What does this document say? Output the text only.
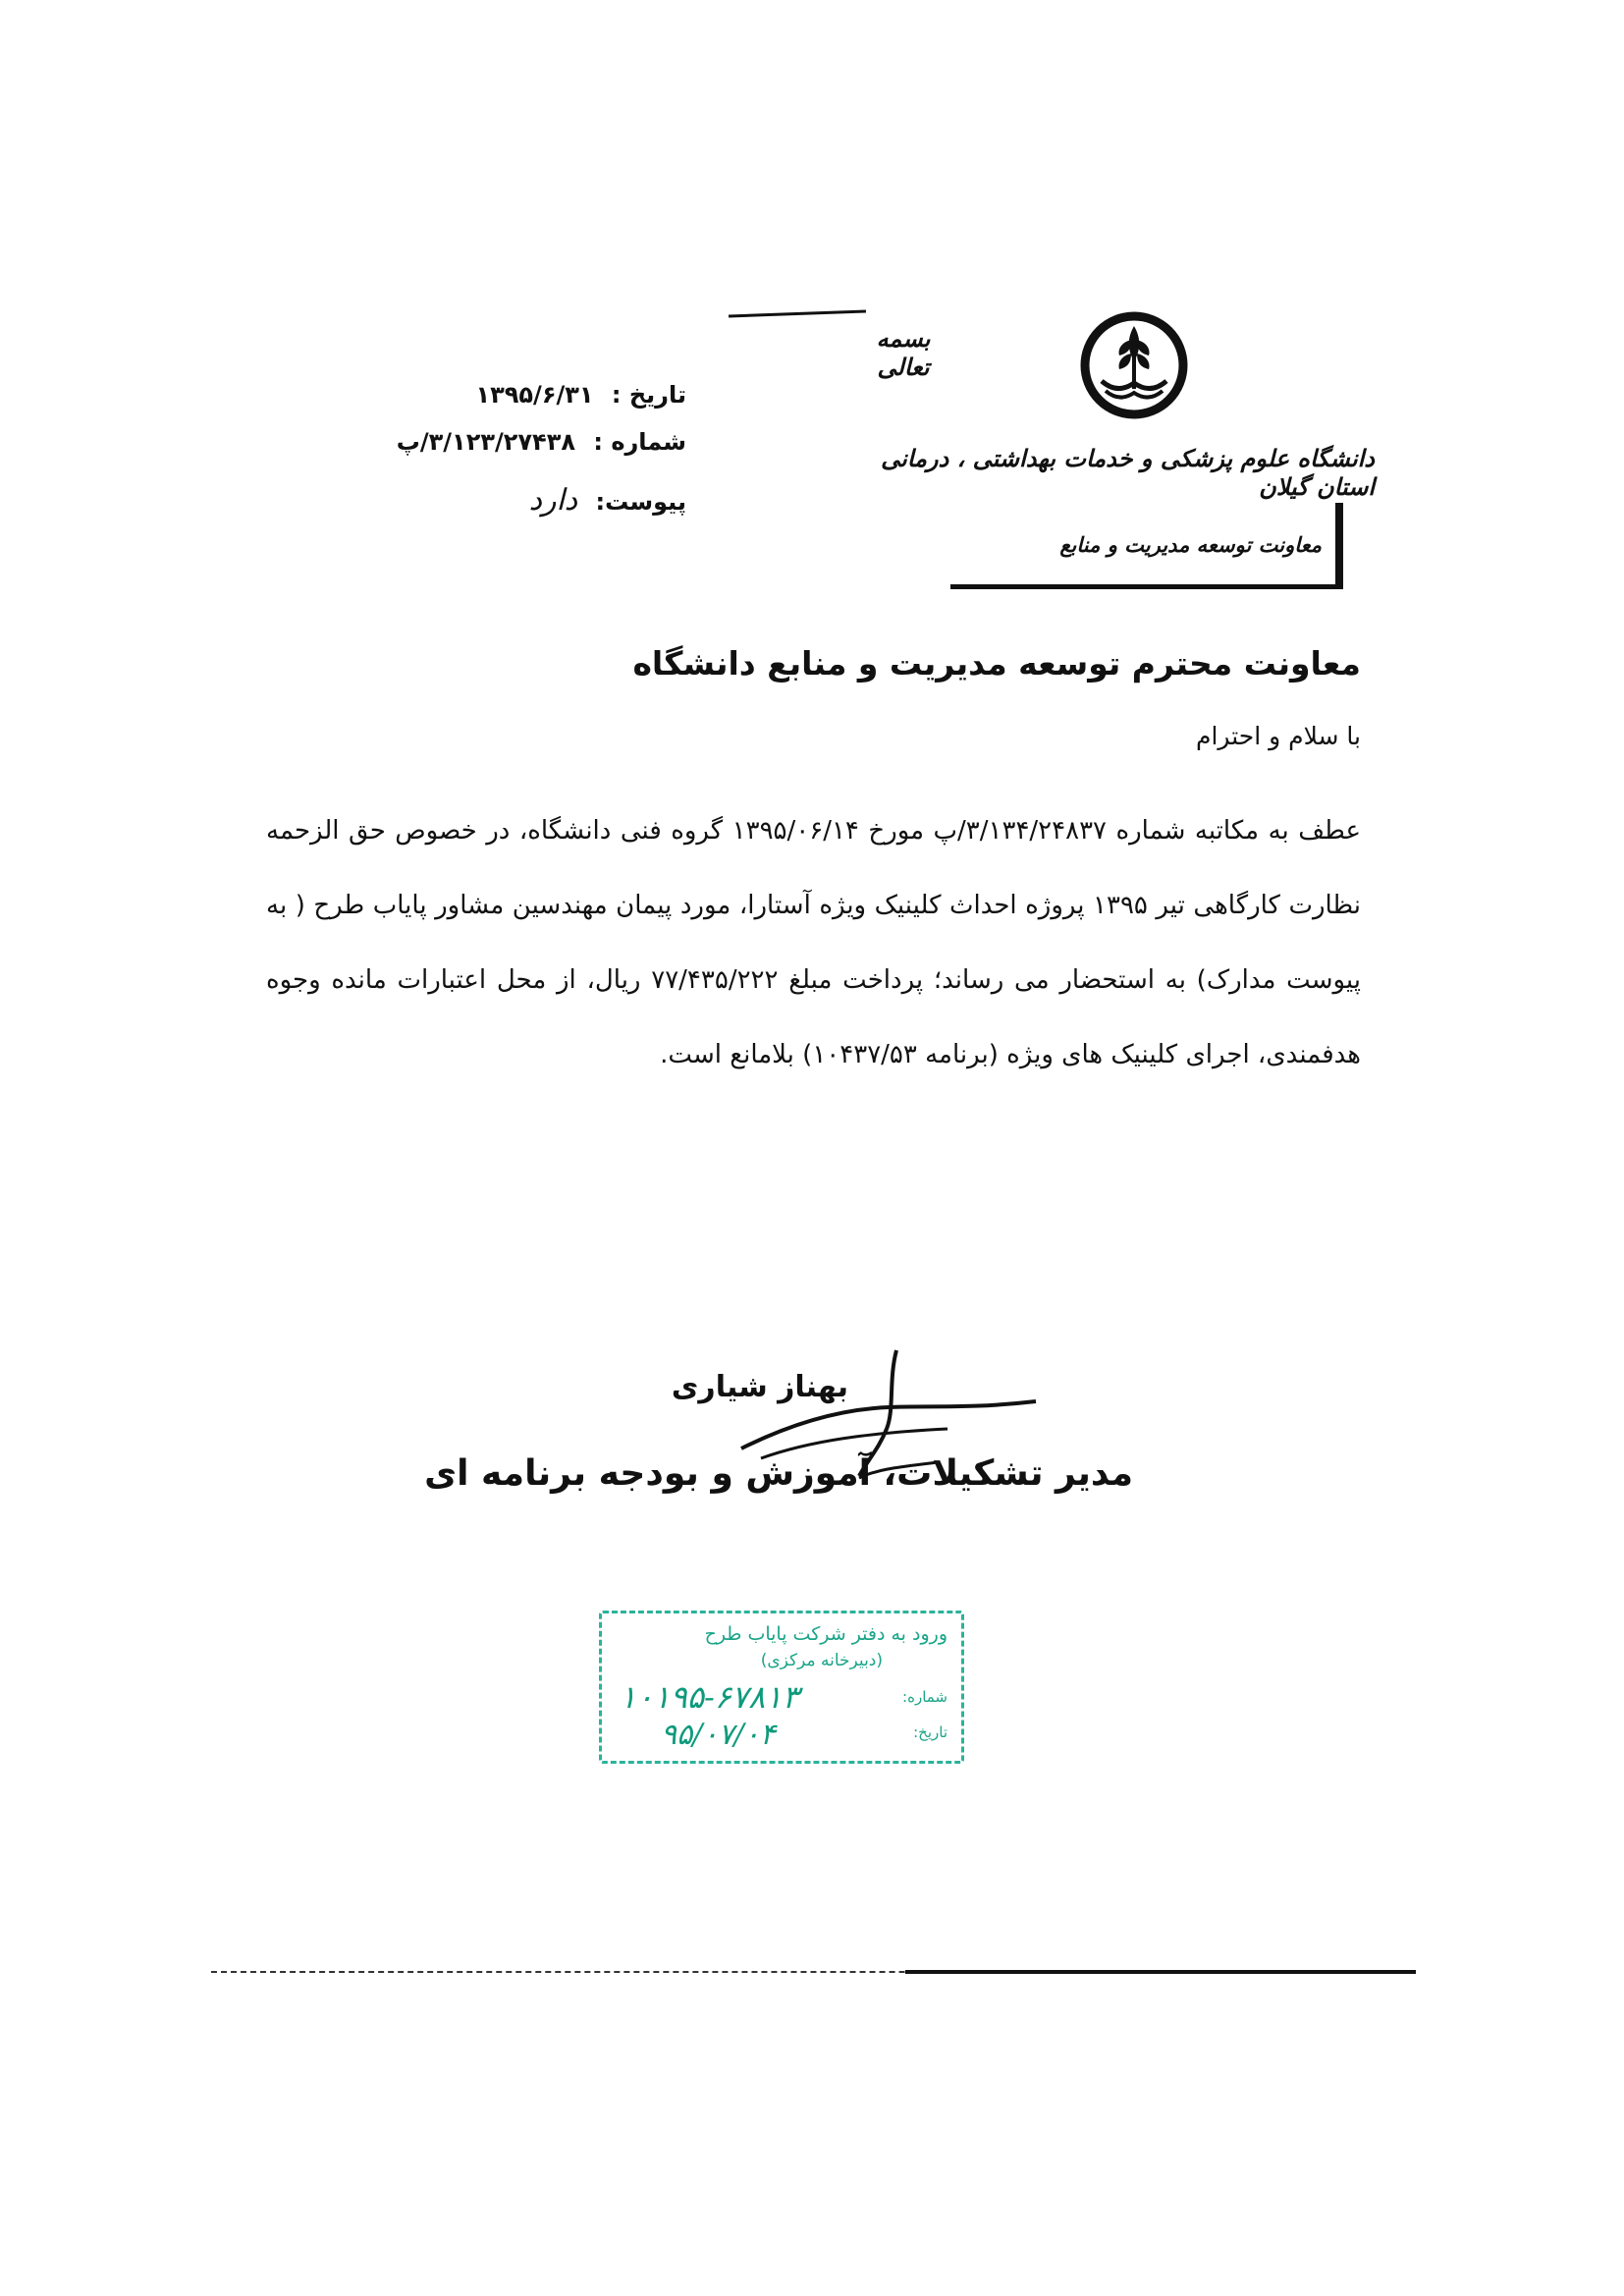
بسمه تعالی
دانشگاه علوم پزشکی و خدمات بهداشتی ، درمانی استان گیلان
معاونت توسعه مدیریت و منابع
تاریخ : ۱۳۹۵/۶/۳۱
شماره : ۳/۱۲۳/۲۷۴۳۸/پ
پیوست: دارد
معاونت محترم توسعه مدیریت و منابع دانشگاه
با سلام و احترام
عطف به مکاتبه شماره ۳/۱۳۴/۲۴۸۳۷/پ مورخ ۱۳۹۵/۰۶/۱۴ گروه فنی دانشگاه، در خصوص حق الزحمه نظارت کارگاهی تیر ۱۳۹۵ پروژه احداث کلینیک ویژه آستارا، مورد پیمان مهندسین مشاور پایاب طرح ( به پیوست مدارک) به استحضار می رساند؛ پرداخت مبلغ ۷۷/۴۳۵/۲۲۲ ریال، از محل اعتبارات مانده وجوه هدفمندی، اجرای کلینیک های ویژه (برنامه ۱۰۴۳۷/۵۳) بلامانع است.
بهناز شیاری
مدیر تشکیلات، آموزش و بودجه برنامه ای
ورود به دفتر شرکت پایاب طرح
(دبیرخانه مرکزی)
شماره:
تاریخ:
۱۰۱۹۵-۶۷۸۱۳
۹۵/۰۷/۰۴
